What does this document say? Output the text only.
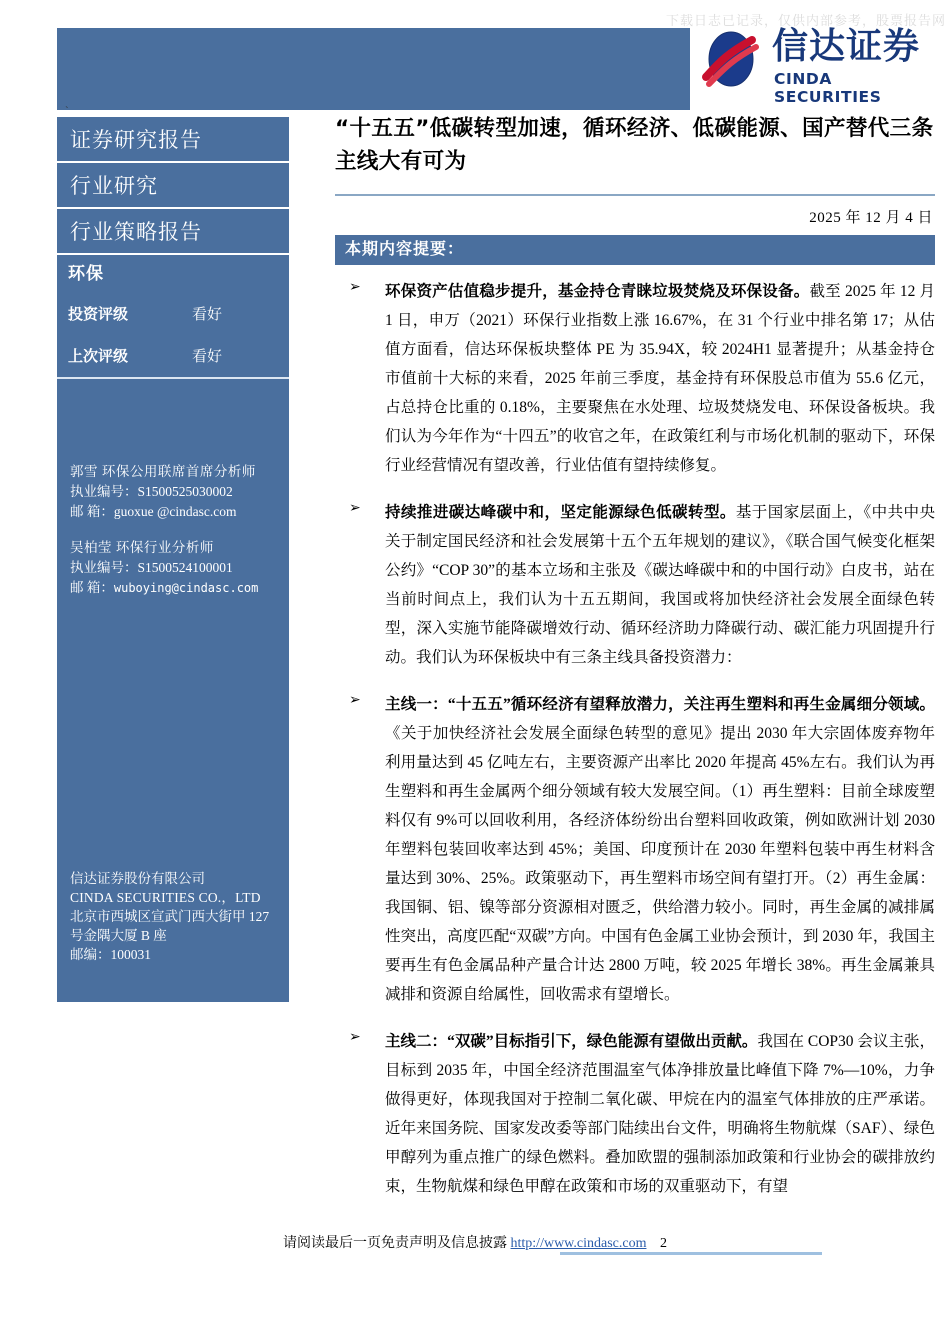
下载日志已记录，仅供内部参考，股票报告网
信达证券
CINDA SECURITIES
`
证券研究报告
行业研究
行业策略报告
环保
投资评级	看好
上次评级	看好
郭雪 环保公用联席首席分析师
执业编号：S1500525030002
邮 箱：guoxue @cindasc.com
吴柏莹 环保行业分析师
执业编号：S1500524100001
邮 箱：wuboying@cindasc.com
信达证券股份有限公司
CINDA SECURITIES CO.，LTD
北京市西城区宣武门西大街甲 127号金隅大厦 B 座
邮编：100031
“十五五”低碳转型加速，循环经济、低碳能源、国产替代三条主线大有可为
2025 年 12 月 4 日
本期内容提要：
➢ 环保资产估值稳步提升，基金持仓青睐垃圾焚烧及环保设备。截至 2025 年 12 月 1 日，申万（2021）环保行业指数上涨 16.67%，在 31 个行业中排名第 17；从估值方面看，信达环保板块整体 PE 为 35.94X，较 2024H1 显著提升；从基金持仓市值前十大标的来看，2025 年前三季度，基金持有环保股总市值为 55.6 亿元，占总持仓比重的 0.18%，主要聚焦在水处理、垃圾焚烧发电、环保设备板块。我们认为今年作为“十四五”的收官之年，在政策红利与市场化机制的驱动下，环保行业经营情况有望改善，行业估值有望持续修复。

➢ 持续推进碳达峰碳中和，坚定能源绿色低碳转型。基于国家层面上，《中共中央关于制定国民经济和社会发展第十五个五年规划的建议》，《联合国气候变化框架公约》“COP 30”的基本立场和主张及《碳达峰碳中和的中国行动》白皮书，站在当前时间点上，我们认为十五五期间，我国或将加快经济社会发展全面绿色转型，深入实施节能降碳增效行动、循环经济助力降碳行动、碳汇能力巩固提升行动。我们认为环保板块中有三条主线具备投资潜力：

➢ 主线一：“十五五”循环经济有望释放潜力，关注再生塑料和再生金属细分领域。《关于加快经济社会发展全面绿色转型的意见》提出 2030 年大宗固体废弃物年利用量达到 45 亿吨左右，主要资源产出率比 2020 年提高 45%左右。我们认为再生塑料和再生金属两个细分领域有较大发展空间。（1）再生塑料：目前全球废塑料仅有 9%可以回收利用，各经济体纷纷出台塑料回收政策，例如欧洲计划 2030 年塑料包装回收率达到 45%；美国、印度预计在 2030 年塑料包装中再生材料含量达到 30%、25%。政策驱动下，再生塑料市场空间有望打开。（2）再生金属：我国铜、铝、镍等部分资源相对匮乏，供给潜力较小。同时，再生金属的减排属性突出，高度匹配“双碳”方向。中国有色金属工业协会预计，到 2030 年，我国主要再生有色金属品种产量合计达 2800 万吨，较 2025 年增长 38%。再生金属兼具减排和资源自给属性，回收需求有望增长。

➢ 主线二：“双碳”目标指引下，绿色能源有望做出贡献。我国在 COP30 会议主张，目标到 2035 年，中国全经济范围温室气体净排放量比峰值下降 7%—10%，力争做得更好，体现我国对于控制二氧化碳、甲烷在内的温室气体排放的庄严承诺。近年来国务院、国家发改委等部门陆续出台文件，明确将生物航煤（SAF）、绿色甲醇列为重点推广的绿色燃料。叠加欧盟的强制添加政策和行业协会的碳排放约束，生物航煤和绿色甲醇在政策和市场的双重驱动下，有望

请阅读最后一页免责声明及信息披露 http://www.cindasc.com 2
